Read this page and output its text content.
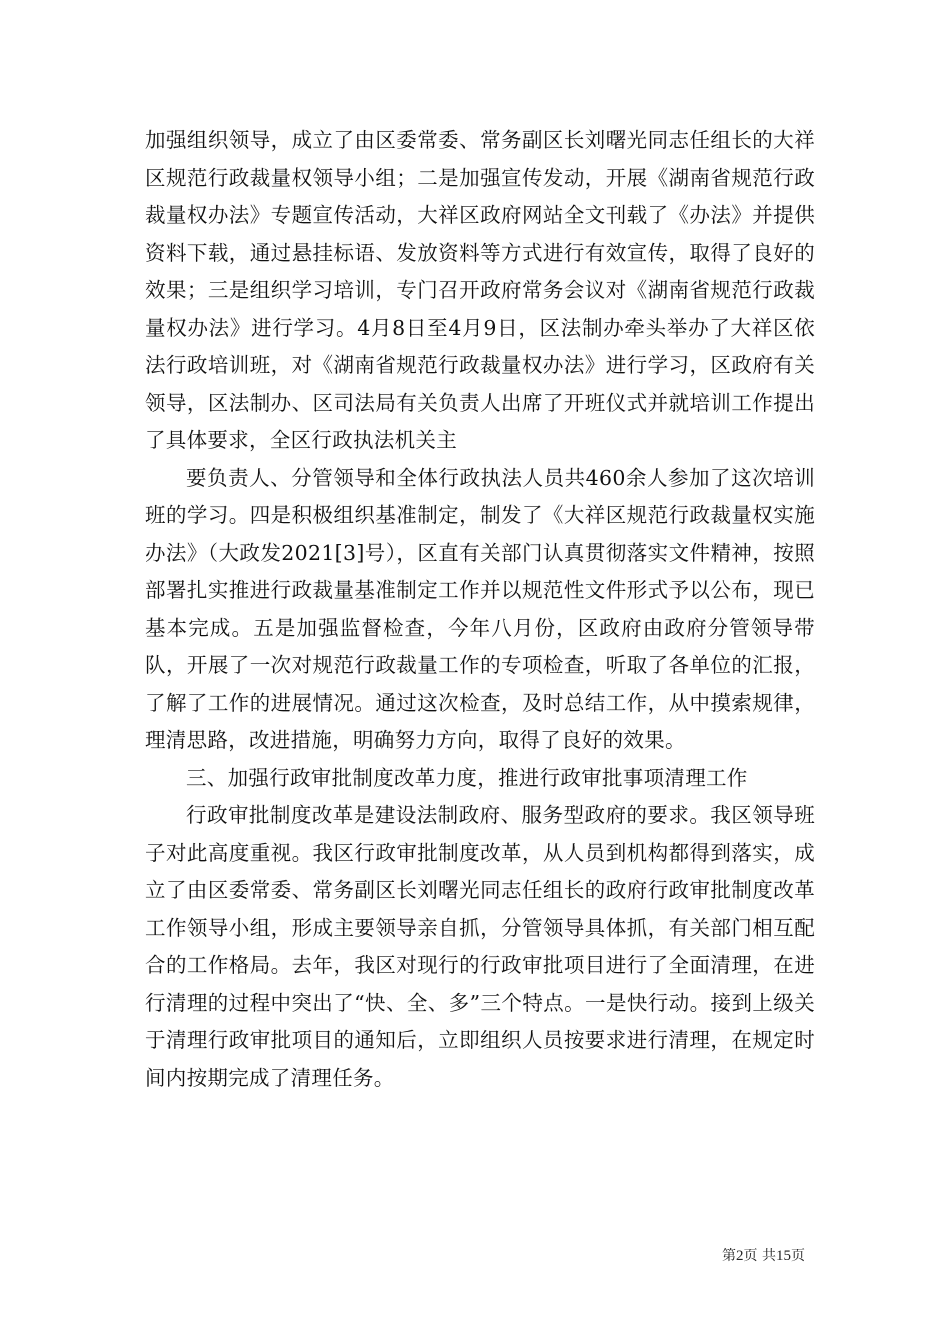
加强组织领导，成立了由区委常委、常务副区长刘曙光同志任组长的大祥区规范行政裁量权领导小组；二是加强宣传发动，开展《湖南省规范行政裁量权办法》专题宣传活动，大祥区政府网站全文刊载了《办法》并提供资料下载，通过悬挂标语、发放资料等方式进行有效宣传，取得了良好的效果；三是组织学习培训，专门召开政府常务会议对《湖南省规范行政裁量权办法》进行学习。4月8日至4月9日，区法制办牵头举办了大祥区依法行政培训班，对《湖南省规范行政裁量权办法》进行学习，区政府有关领导，区法制办、区司法局有关负责人出席了开班仪式并就培训工作提出了具体要求，全区行政执法机关主

要负责人、分管领导和全体行政执法人员共460余人参加了这次培训班的学习。四是积极组织基准制定，制发了《大祥区规范行政裁量权实施办法》（大政发2021[3]号），区直有关部门认真贯彻落实文件精神，按照部署扎实推进行政裁量基准制定工作并以规范性文件形式予以公布，现已基本完成。五是加强监督检查，今年八月份，区政府由政府分管领导带队，开展了一次对规范行政裁量工作的专项检查，听取了各单位的汇报，了解了工作的进展情况。通过这次检查，及时总结工作，从中摸索规律，理清思路，改进措施，明确努力方向，取得了良好的效果。

三、加强行政审批制度改革力度，推进行政审批事项清理工作

行政审批制度改革是建设法制政府、服务型政府的要求。我区领导班子对此高度重视。我区行政审批制度改革，从人员到机构都得到落实，成立了由区委常委、常务副区长刘曙光同志任组长的政府行政审批制度改革工作领导小组，形成主要领导亲自抓，分管领导具体抓，有关部门相互配合的工作格局。去年，我区对现行的行政审批项目进行了全面清理，在进行清理的过程中突出了“快、全、多”三个特点。一是快行动。接到上级关于清理行政审批项目的通知后，立即组织人员按要求进行清理，在规定时间内按期完成了清理任务。

第2页 共15页
